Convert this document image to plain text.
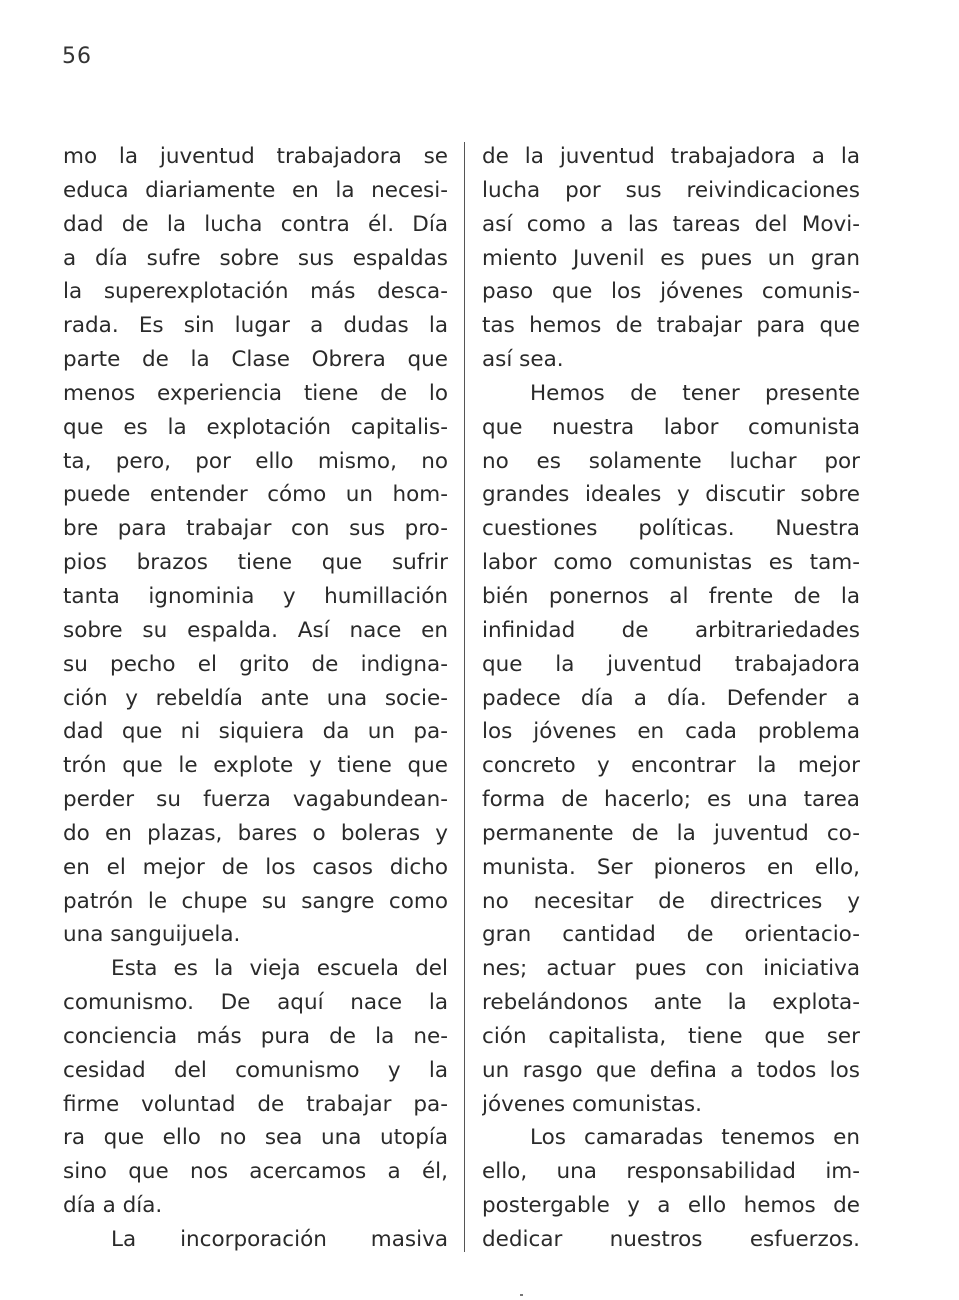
56
mo la juventud trabajadora se
educa diariamente en la necesi-
dad de la lucha contra él. Día
a día sufre sobre sus espaldas
la superexplotación más desca-
rada. Es sin lugar a dudas la
parte de la Clase Obrera que
menos experiencia tiene de lo
que es la explotación capitalis-
ta, pero, por ello mismo, no
puede entender cómo un hom-
bre para trabajar con sus pro-
pios brazos tiene que sufrir
tanta ignominia y humillación
sobre su espalda. Así nace en
su pecho el grito de indigna-
ción y rebeldía ante una socie-
dad que ni siquiera da un pa-
trón que le explote y tiene que
perder su fuerza vagabundean-
do en plazas, bares o boleras y
en el mejor de los casos dicho
patrón le chupe su sangre como
una sanguijuela.
Esta es la vieja escuela del
comunismo. De aquí nace la
conciencia más pura de la ne-
cesidad del comunismo y la
firme voluntad de trabajar pa-
ra que ello no sea una utopía
sino que nos acercamos a él,
día a día.
La incorporación masiva
de la juventud trabajadora a la
lucha por sus reivindicaciones
así como a las tareas del Movi-
miento Juvenil es pues un gran
paso que los jóvenes comunis-
tas hemos de trabajar para que
así sea.
Hemos de tener presente
que nuestra labor comunista
no es solamente luchar por
grandes ideales y discutir sobre
cuestiones políticas. Nuestra
labor como comunistas es tam-
bién ponernos al frente de la
infinidad de arbitrariedades
que la juventud trabajadora
padece día a día. Defender a
los jóvenes en cada problema
concreto y encontrar la mejor
forma de hacerlo; es una tarea
permanente de la juventud co-
munista. Ser pioneros en ello,
no necesitar de directrices y
gran cantidad de orientacio-
nes; actuar pues con iniciativa
rebelándonos ante la explota-
ción capitalista, tiene que ser
un rasgo que defina a todos los
jóvenes comunistas.
Los camaradas tenemos en
ello, una responsabilidad im-
postergable y a ello hemos de
dedicar nuestros esfuerzos.
